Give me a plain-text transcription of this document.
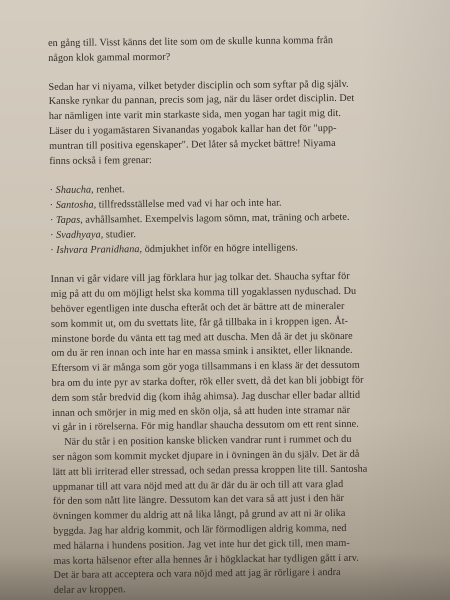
en gång till. Visst känns det lite som om de skulle kunna komma från
någon klok gammal mormor?

Sedan har vi niyama, vilket betyder disciplin och som syftar på dig själv.
Kanske rynkar du pannan, precis som jag, när du läser ordet disciplin. Det
har nämligen inte varit min starkaste sida, men yogan har tagit mig dit.
Läser du i yogamästaren Sivanandas yogabok kallar han det för "upp-
muntran till positiva egenskaper". Det låter så mycket bättre! Niyama
finns också i fem grenar:

· Shaucha, renhet.
· Santosha, tillfredsställelse med vad vi har och inte har.
· Tapas, avhållsamhet. Exempelvis lagom sömn, mat, träning och arbete.
· Svadhyaya, studier.
· Ishvara Pranidhana, ödmjukhet inför en högre intelligens.

Innan vi går vidare vill jag förklara hur jag tolkar det. Shaucha syftar för
mig på att du om möjligt helst ska komma till yogaklassen nyduschad. Du
behöver egentligen inte duscha efteråt och det är bättre att de mineraler
som kommit ut, om du svettats lite, får gå tillbaka in i kroppen igen. Åt-
minstone borde du vänta ett tag med att duscha. Men då är det ju skönare
om du är ren innan och inte har en massa smink i ansiktet, eller liknande.
Eftersom vi är många som gör yoga tillsammans i en klass är det dessutom
bra om du inte pyr av starka dofter, rök eller svett, då det kan bli jobbigt för
dem som står bredvid dig (kom ihåg ahimsa). Jag duschar eller badar alltid
innan och smörjer in mig med en skön olja, så att huden inte stramar när
vi går in i rörelserna. För mig handlar shaucha dessutom om ett rent sinne.

När du står i en position kanske blicken vandrar runt i rummet och du
ser någon som kommit mycket djupare in i övningen än du själv. Det är då
lätt att bli irriterad eller stressad, och sedan pressa kroppen lite till. Santosha
uppmanar till att vara nöjd med att du är där du är och till att vara glad
för den som nått lite längre. Dessutom kan det vara så att just i den här
övningen kommer du aldrig att nå lika långt, på grund av att ni är olika
byggda. Jag har aldrig kommit, och lär förmodligen aldrig komma, ned
med hälarna i hundens position. Jag vet inte hur det gick till, men mam-
mas korta hälsenor efter alla hennes år i högklackat har tydligen gått i arv.
Det är bara att acceptera och vara nöjd med att jag är rörligare i andra
delar av kroppen.
